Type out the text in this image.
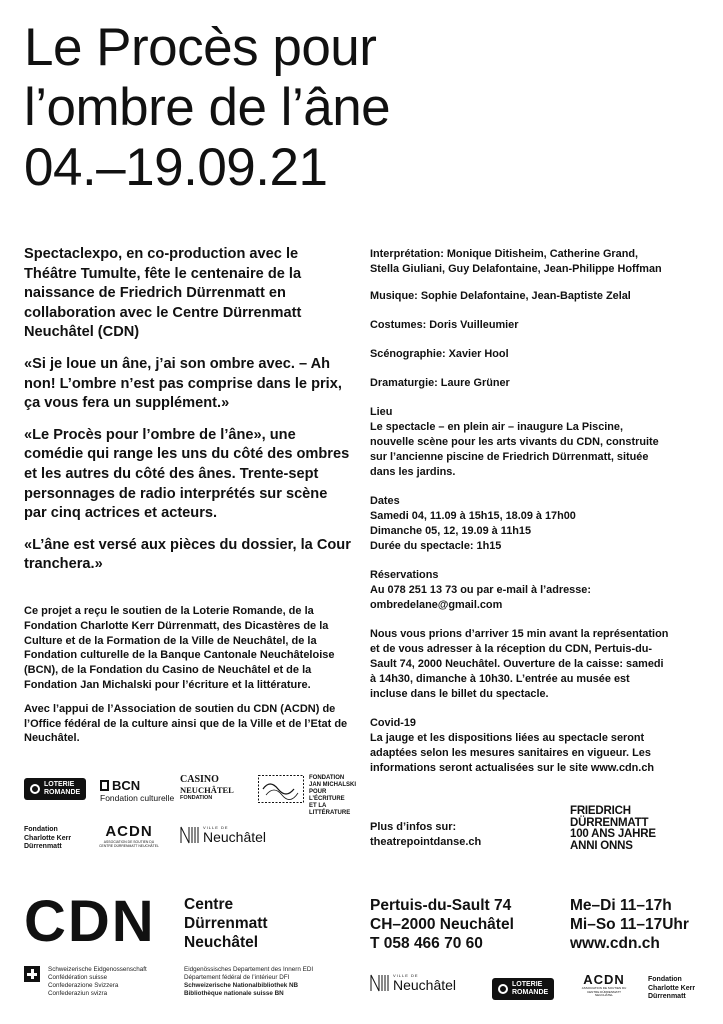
Le Procès pour
l’ombre de l’âne
04.–19.09.21

Spectaclexpo, en co-production avec le Théâtre Tumulte, fête le centenaire de la naissance de Friedrich Dürrenmatt en collaboration avec le Centre Dürrenmatt Neuchâtel (CDN)

«Si je loue un âne, j’ai son ombre avec. – Ah non! L’ombre n’est pas comprise dans le prix, ça vous fera un supplément.»

«Le Procès pour l’ombre de l’âne», une comédie qui range les uns du côté des ombres et les autres du côté des ânes. Trente-sept personnages de radio interprétés sur scène par cinq actrices et acteurs.

«L’âne est versé aux pièces du dossier, la Cour tranchera.»

Ce projet a reçu le soutien de la Loterie Romande, de la Fondation Charlotte Kerr Dürrenmatt, des Dicastères de la Culture et de la Formation de la Ville de Neuchâtel, de la Fondation culturelle de la Banque Cantonale Neuchâteloise (BCN), de la Fondation du Casino de Neuchâtel et de la Fondation Jan Michalski pour l’écriture et la littérature.

Avec l’appui de l’Association de soutien du CDN (ACDN) de l’Office fédéral de la culture ainsi que de la Ville et de l’Etat de Neuchâtel.

Interprétation: Monique Ditisheim, Catherine Grand, Stella Giuliani, Guy Delafontaine, Jean-Philippe Hoffman
Musique: Sophie Delafontaine, Jean-Baptiste Zelal
Costumes: Doris Vuilleumier
Scénographie: Xavier Hool
Dramaturgie: Laure Grüner
Lieu
Le spectacle – en plein air – inaugure La Piscine, nouvelle scène pour les arts vivants du CDN, construite sur l’ancienne piscine de Friedrich Dürrenmatt, située dans les jardins.
Dates
Samedi 04, 11.09 à 15h15, 18.09 à 17h00
Dimanche 05, 12, 19.09 à 11h15
Durée du spectacle: 1h15
Réservations
Au 078 251 13 73 ou par e-mail à l’adresse:
ombredelane@gmail.com
Nous vous prions d’arriver 15 min avant la représentation et de vous adresser à la réception du CDN, Pertuis-du-Sault 74, 2000 Neuchâtel. Ouverture de la caisse: samedi à 14h30, dimanche à 10h30. L’entrée au musée est incluse dans le billet du spectacle.
Covid-19
La jauge et les dispositions liées au spectacle seront adaptées selon les mesures sanitaires en vigueur. Les informations seront actualisées sur le site www.cdn.ch
LOTERIE
ROMANDE BCN
Fondation culturelle
CASINO
NEUCHÂTEL
FONDATION
FONDATION
JAN MICHALSKI
POUR
L’ÉCRITURE
ET LA
LITTÉRATURE
Fondation
Charlotte Kerr
Dürrenmatt
ACDN
ASSOCIATION DE SOUTIEN DU CENTRE DÜRRENMATT NEUCHÂTEL
VILLE DE
Neuchâtel
Plus d’infos sur:
theatrepointdanse.ch
FRIEDRICH
DÜRRENMATT
100 ANS JAHRE
ANNI ONNS
CDN Centre
Dürrenmatt
Neuchâtel
Pertuis-du-Sault 74
CH–2000 Neuchâtel
T 058 466 70 60
Me–Di 11–17h
Mi–So 11–17Uhr
www.cdn.ch
Schweizerische Eidgenossenschaft
Confédération suisse
Confederazione Svizzera
Confederaziun svizra
Eidgenössisches Departement des Innern EDI
Département fédéral de l’intérieur DFI
Schweizerische Nationalbibliothek NB
Bibliothèque nationale suisse BN
VILLE DE
Neuchâtel	LOTERIE
ROMANDE
ACDN
ASSOCIATION DE SOUTIEN DU CENTRE DÜRRENMATT NEUCHÂTEL
Fondation
Charlotte Kerr
Dürrenmatt
